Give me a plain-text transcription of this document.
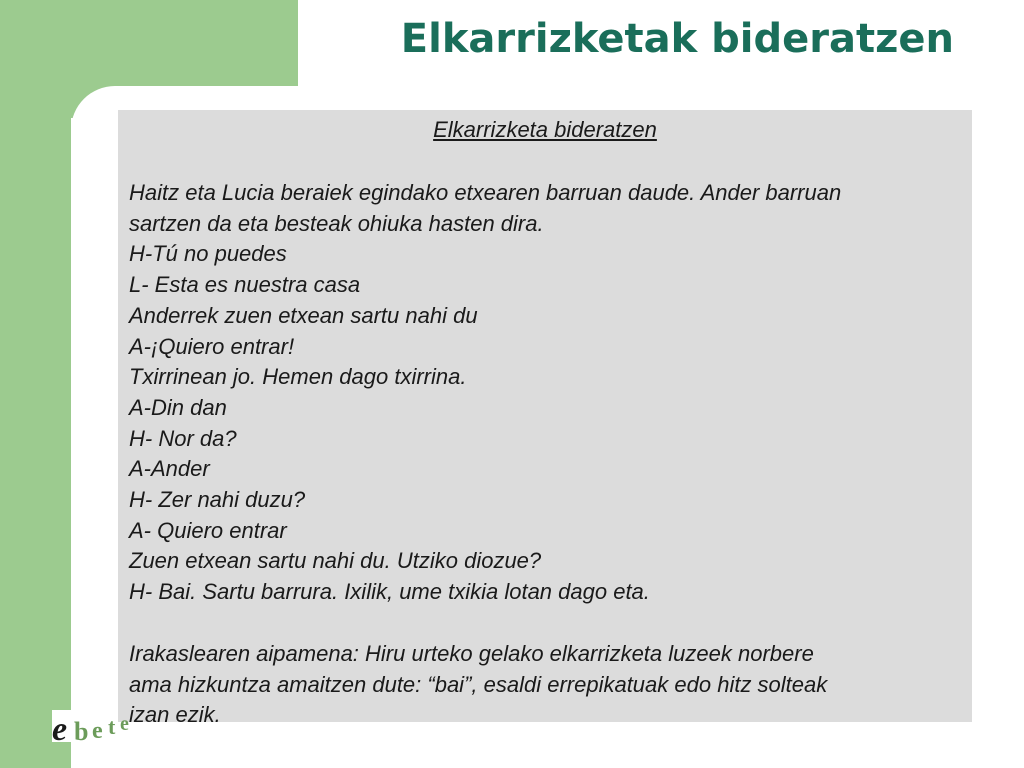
Elkarrizketak bideratzen
Elkarrizketa bideratzen
Haitz eta Lucia beraiek egindako etxearen barruan daude. Ander barruan
sartzen da eta besteak ohiuka hasten dira.
H-Tú no puedes
L- Esta es nuestra casa
Anderrek zuen etxean sartu nahi du
A-¡Quiero entrar!
Txirrinean jo. Hemen dago txirrina.
A-Din dan
H- Nor da?
A-Ander
H- Zer nahi duzu?
A- Quiero entrar
Zuen etxean sartu nahi du. Utziko diozue?
H- Bai. Sartu barrura. Ixilik, ume txikia lotan dago eta.
Irakaslearen aipamena: Hiru urteko gelako elkarrizketa luzeek norbere
ama hizkuntza amaitzen dute: “bai”, esaldi errepikatuak edo hitz solteak
izan ezik.
e b e t e
